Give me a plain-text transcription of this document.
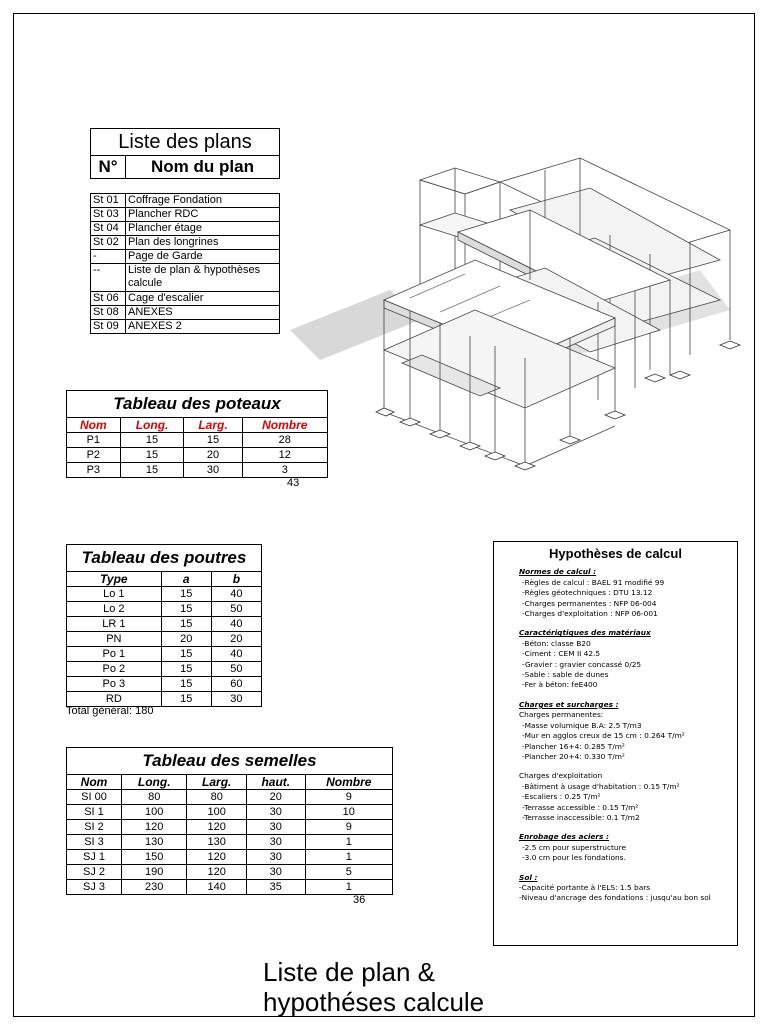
Liste des plans
N°	Nom du plan
St 01	Coffrage Fondation
St 03	Plancher RDC
St 04	Plancher étage
St 02	Plan des longrines
-	Page de Garde
--	Liste de plan & hypothèses calcule
St 06	Cage d'escalier
St 08	ANEXES
St 09	ANEXES 2
Tableau des poteaux			
Nom	Long.	Larg.	Nombre
P1	15	15	28
P2	15	20	12
P3	15	30	3
43
Tableau des poutres		
Type	a	b
Lo 1	15	40
Lo 2	15	50
LR 1	15	40
PN	20	20
Po 1	15	40
Po 2	15	50
Po 3	15	60
RD	15	30
Total général: 180
Tableau des semelles				
Nom	Long.	Larg.	haut.	Nombre
SI 00	80	80	20	9
SI 1	100	100	30	10
SI 2	120	120	30	9
SI 3	130	130	30	1
SJ 1	150	120	30	1
SJ 2	190	120	30	5
SJ 3	230	140	35	1
36
Hypothèses de calcul
Normes de calcul :
-Règles de calcul : BAEL 91 modifié 99
-Règles géotechniques : DTU 13.12
-Charges permanentes : NFP 06-004
-Charges d'exploitation : NFP 06-001
Caractériqtiques des matériaux
-Béton: classe B20
-Ciment : CEM II 42.5
-Gravier : gravier concassé 0/25
-Sable : sable de dunes
-Fer à béton: feE400
Charges et surcharges :
Charges permanentes:
-Masse volumique B.A: 2.5 T/m3
-Mur en agglos creux de 15 cm : 0.264 T/m²
-Plancher 16+4: 0.285 T/m²
-Plancher 20+4: 0.330 T/m²
Charges d'exploitation
-Bâtiment à usage d'habitation : 0.15 T/m²
-Escaliers : 0.25 T/m²
-Terrasse accessible : 0.15 T/m²
-Terrasse inaccessible: 0.1 T/m2
Enrobage des aciers :
-2.5 cm pour superstructure
-3.0 cm pour les fondations.
Sol :
-Capacité portante à l'ELS: 1.5 bars
-Niveau d'ancrage des fondations : jusqu'au bon sol
Liste de plan &
hypothéses calcule
